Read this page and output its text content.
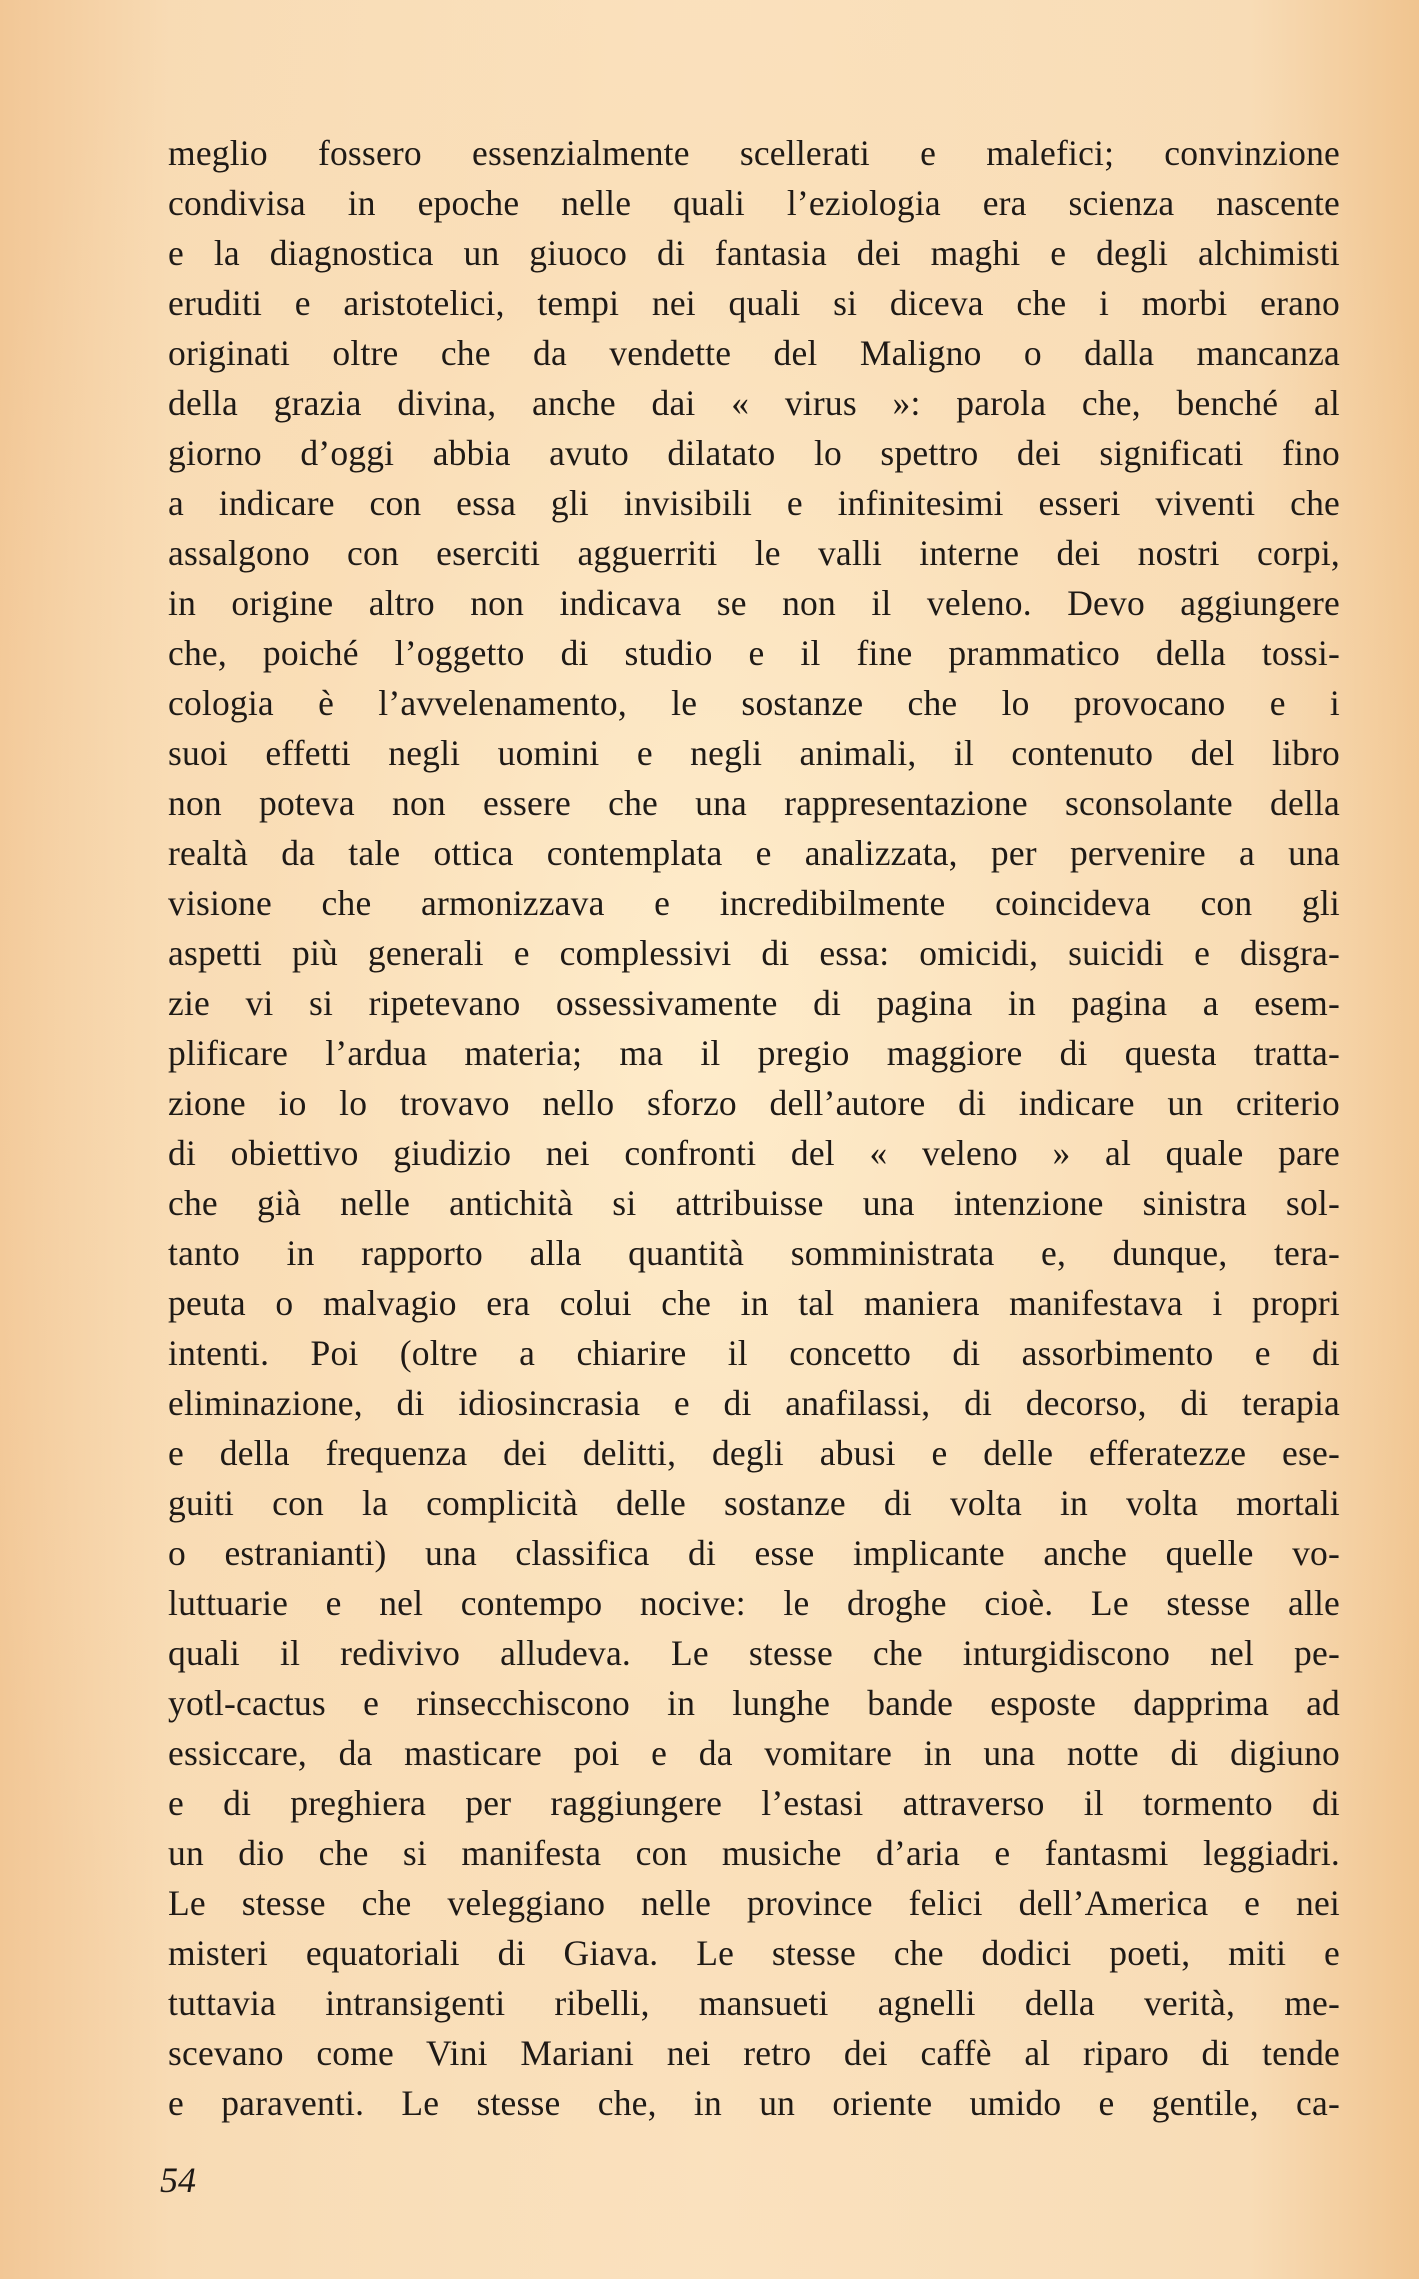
meglio fossero essenzialmente scellerati e malefici; convinzione
condivisa in epoche nelle quali l’eziologia era scienza nascente
e la diagnostica un giuoco di fantasia dei maghi e degli alchimisti
eruditi e aristotelici, tempi nei quali si diceva che i morbi erano
originati oltre che da vendette del Maligno o dalla mancanza
della grazia divina, anche dai « virus »: parola che, benché al
giorno d’oggi abbia avuto dilatato lo spettro dei significati fino
a indicare con essa gli invisibili e infinitesimi esseri viventi che
assalgono con eserciti agguerriti le valli interne dei nostri corpi,
in origine altro non indicava se non il veleno. Devo aggiungere
che, poiché l’oggetto di studio e il fine prammatico della tossi-
cologia è l’avvelenamento, le sostanze che lo provocano e i
suoi effetti negli uomini e negli animali, il contenuto del libro
non poteva non essere che una rappresentazione sconsolante della
realtà da tale ottica contemplata e analizzata, per pervenire a una
visione che armonizzava e incredibilmente coincideva con gli
aspetti più generali e complessivi di essa: omicidi, suicidi e disgra-
zie vi si ripetevano ossessivamente di pagina in pagina a esem-
plificare l’ardua materia; ma il pregio maggiore di questa tratta-
zione io lo trovavo nello sforzo dell’autore di indicare un criterio
di obiettivo giudizio nei confronti del « veleno » al quale pare
che già nelle antichità si attribuisse una intenzione sinistra sol-
tanto in rapporto alla quantità somministrata e, dunque, tera-
peuta o malvagio era colui che in tal maniera manifestava i propri
intenti. Poi (oltre a chiarire il concetto di assorbimento e di
eliminazione, di idiosincrasia e di anafilassi, di decorso, di terapia
e della frequenza dei delitti, degli abusi e delle efferatezze ese-
guiti con la complicità delle sostanze di volta in volta mortali
o estranianti) una classifica di esse implicante anche quelle vo-
luttuarie e nel contempo nocive: le droghe cioè. Le stesse alle
quali il redivivo alludeva. Le stesse che inturgidiscono nel pe-
yotl-cactus e rinsecchiscono in lunghe bande esposte dapprima ad
essiccare, da masticare poi e da vomitare in una notte di digiuno
e di preghiera per raggiungere l’estasi attraverso il tormento di
un dio che si manifesta con musiche d’aria e fantasmi leggiadri.
Le stesse che veleggiano nelle province felici dell’America e nei
misteri equatoriali di Giava. Le stesse che dodici poeti, miti e
tuttavia intransigenti ribelli, mansueti agnelli della verità, me-
scevano come Vini Mariani nei retro dei caffè al riparo di tende
e paraventi. Le stesse che, in un oriente umido e gentile, ca-
54
